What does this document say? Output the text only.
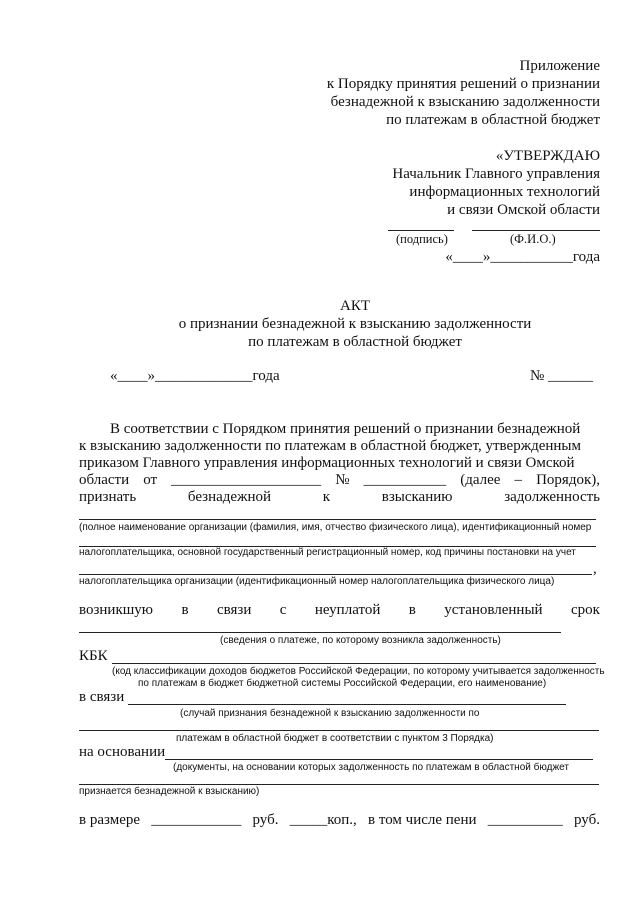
Приложение
к Порядку принятия решений о признании
безнадежной к взысканию задолженности
по платежам в областной бюджет
«УТВЕРЖДАЮ
Начальник Главного управления
информационных технологий
и связи Омской области
(подпись)	(Ф.И.О.)
«____»___________года
АКТ
о признании безнадежной к взысканию задолженности
по платежам в областной бюджет
«____»_____________года	№ ______
В соответствии с Порядком принятия решений о признании безнадежной
к взысканию задолженности по платежам в областной бюджет, утвержденным
приказом Главного управления информационных технологий и связи Омской
области от ____________________ № ___________ (далее – Порядок),
признать	безнадежной	к	взысканию	задолженность
(полное наименование организации (фамилия, имя, отчество физического лица), идентификационный номер
налогоплательщика, основной государственный регистрационный номер, код причины постановки на учет
,
налогоплательщика организации (идентификационный номер налогоплательщика физического лица)
возникшую в связи с неуплатой в установленный срок
(сведения о платеже, по которому возникла задолженность)
КБК
(код классификации доходов бюджетов Российской Федерации, по которому учитывается задолженность
по платежам в бюджет бюджетной системы Российской Федерации, его наименование)
в связи
(случай признания безнадежной к взысканию задолженности по
платежам в областной бюджет в соответствии с пунктом 3 Порядка)
на основании
(документы, на основании которых задолженность по платежам в областной бюджет
признается безнадежной к взысканию)
в размере ____________ руб. _____коп., в том числе пени __________ руб.
